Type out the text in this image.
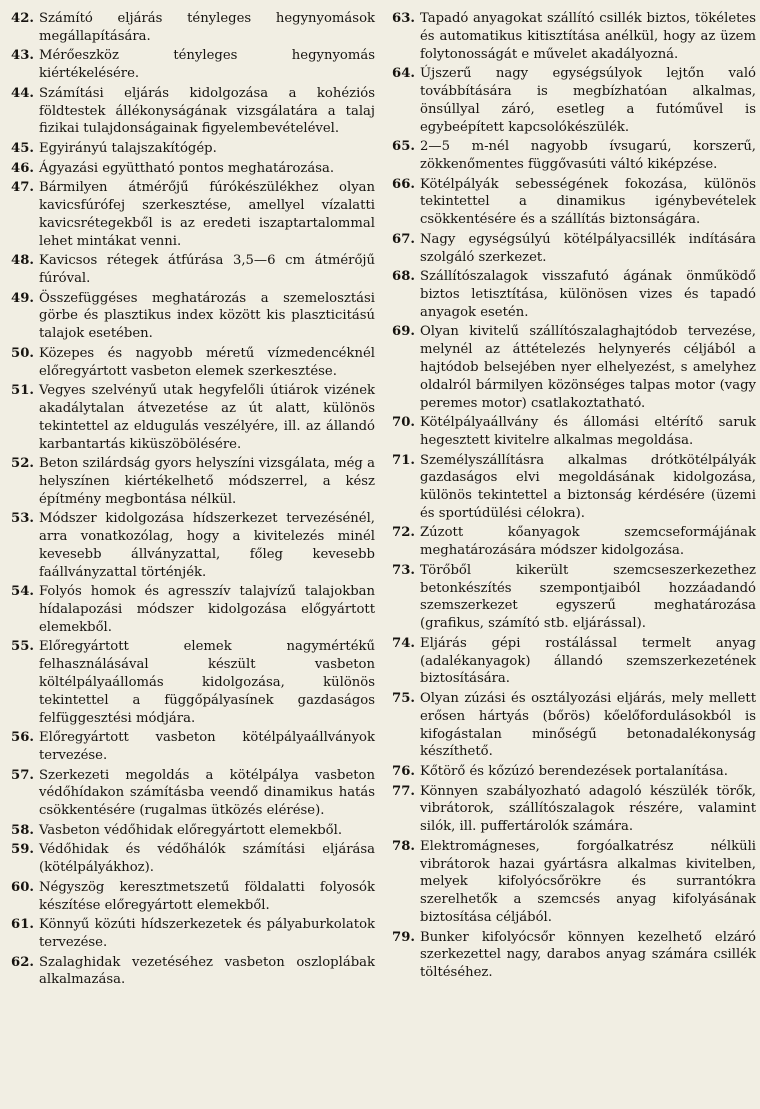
42. Számító eljárás tényleges hegynyomások megállapítására.
43. Mérőeszköz tényleges hegynyomás kiértékelésére.
44. Számítási eljárás kidolgozása a kohéziós földtestek állékonyságának vizsgálatára a talaj fizikai tulajdonságainak figyelembevételével.
45. Egyirányú talajszakítógép.
46. Ágyazási együttható pontos meghatározása.
47. Bármilyen átmérőjű fúrókészülékhez olyan kavicsfúrófej szerkesztése, amellyel vízalatti kavicsrétegekből is az eredeti iszaptartalommal lehet mintákat venni.
48. Kavicsos rétegek átfúrása 3,5—6 cm átmérőjű fúróval.
49. Összefüggéses meghatározás a szemelosztási görbe és plasztikus index között kis plaszticitású talajok esetében.
50. Közepes és nagyobb méretű vízmedencéknél előregyártott vasbeton elemek szerkesztése.
51. Vegyes szelvényű utak hegyfelőli útiárok vizének akadálytalan átvezetése az út alatt, különös tekintettel az eldugulás veszélyére, ill. az állandó karbantartás kiküszöbölésére.
52. Beton szilárdság gyors helyszíni vizsgálata, még a helyszínen kiértékelhető módszerrel, a kész építmény megbontása nélkül.
53. Módszer kidolgozása hídszerkezet tervezésénél, arra vonatkozólag, hogy a kivitelezés minél kevesebb állványzattal, főleg kevesebb faállványzattal történjék.
54. Folyós homok és agresszív talajvízű talajokban hídalapozási módszer kidolgozása előgyártott elemekből.
55. Előregyártott elemek nagymértékű felhasználásával készült vasbeton költélpályaállomás kidolgozása, különös tekintettel a függőpályasínek gazdaságos felfüggesztési módjára.
56. Előregyártott vasbeton kötélpályaállványok tervezése.
57. Szerkezeti megoldás a kötélpálya vasbeton védőhídakon számításba veendő dinamikus hatás csökkentésére (rugalmas ütközés elérése).
58. Vasbeton védőhidak előregyártott elemekből.
59. Védőhidak és védőhálók számítási eljárása (kötélpályákhoz).
60. Négyszög keresztmetszetű földalatti folyosók készítése előregyártott elemekből.
61. Könnyű közúti hídszerkezetek és pályaburkolatok tervezése.
62. Szalaghidak vezetéséhez vasbeton oszloplábak alkalmazása.
63. Tapadó anyagokat szállító csillék biztos, tökéletes és automatikus kitisztítása anélkül, hogy az üzem folytonosságát e művelet akadályozná.
64. Újszerű nagy egységsúlyok lejtőn való továbbítására is megbízhatóan alkalmas, önsúllyal záró, esetleg a futóművel is egybeépített kapcsolókészülék.
65. 2—5 m-nél nagyobb ívsugarú, korszerű, zökkenőmentes függővasúti váltó kiképzése.
66. Kötélpályák sebességének fokozása, különös tekintettel a dinamikus igénybevételek csökkentésére és a szállítás biztonságára.
67. Nagy egységsúlyú kötélpályacsillék indítására szolgáló szerkezet.
68. Szállítószalagok visszafutó ágának önműködő biztos letisztítása, különösen vizes és tapadó anyagok esetén.
69. Olyan kivitelű szállítószalaghajtódob tervezése, melynél az áttételezés helynyerés céljából a hajtódob belsejében nyer elhelyezést, s amelyhez oldalról bármilyen közönséges talpas motor (vagy peremes motor) csatlakoztatható.
70. Kötélpályaállvány és állomási eltérítő saruk hegesztett kivitelre alkalmas megoldása.
71. Személyszállításra alkalmas drótkötélpályák gazdaságos elvi megoldásának kidolgozása, különös tekintettel a biztonság kérdésére (üzemi és sportúdülési célokra).
72. Zúzott kőanyagok szemcseformájának meghatározására módszer kidolgozása.
73. Törőből kikerült szemcseszerkezethez betonkészítés szempontjaiból hozzáadandó szemszerkezet egyszerű meghatározása (grafikus, számító stb. eljárással).
74. Eljárás gépi rostálással termelt anyag (adalékanyagok) állandó szemszerkezetének biztosítására.
75. Olyan zúzási és osztályozási eljárás, mely mellett erősen hártyás (bőrös) kőelőfordulásokból is kifogástalan minőségű betonadalékonyság készíthető.
76. Kőtörő és kőzúzó berendezések portalanítása.
77. Könnyen szabályozható adagoló készülék törők, vibrátorok, szállítószalagok részére, valamint silók, ill. puffertárolók számára.
78. Elektromágneses, forgóalkatrész nélküli vibrátorok hazai gyártásra alkalmas kivitelben, melyek kifolyócsőrökre és surrantókra szerelhetők a szemcsés anyag kifolyásának biztosítása céljából.
79. Bunker kifolyócsőr könnyen kezelhető elzáró szerkezettel nagy, darabos anyag számára csillék töltéséhez.
